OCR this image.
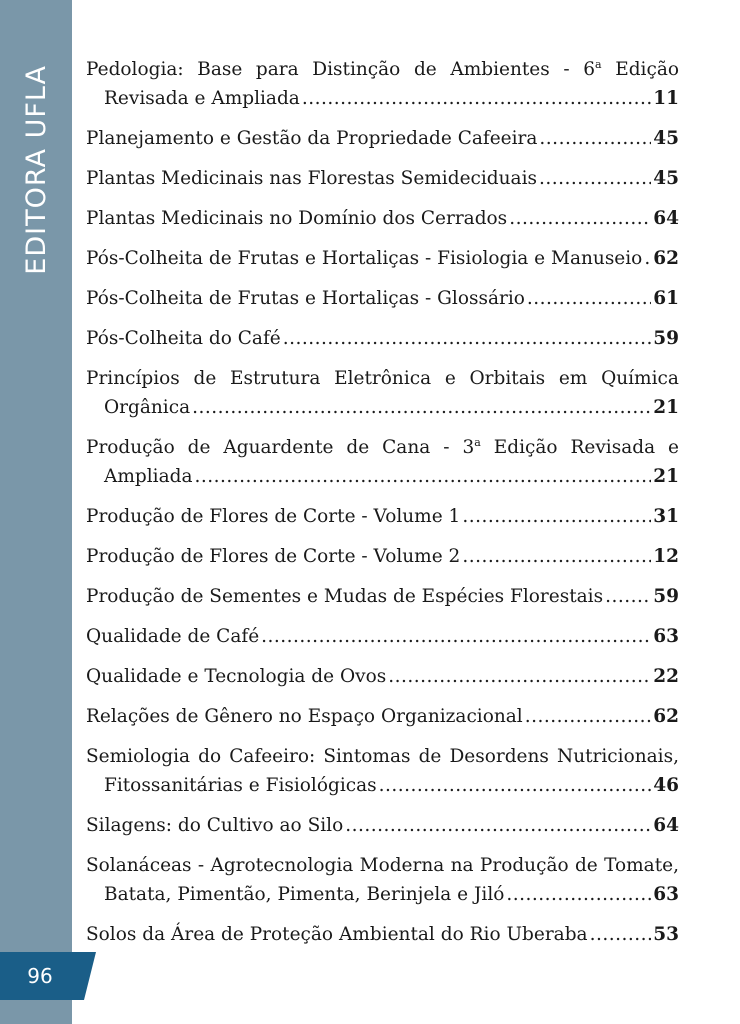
EDITORA UFLA
96
Pedologia: Base para Distinção de Ambientes - 6$^a$ Edição
Revisada e Ampliada .....	11
Planejamento e Gestão da Propriedade Cafeeira .....	45
Plantas Medicinais nas Florestas Semideciduais .....	45
Plantas Medicinais no Domínio dos Cerrados .....	64
Pós-Colheita de Frutas e Hortaliças - Fisiologia e Manuseio ..... 62
Pós-Colheita de Frutas e Hortaliças - Glossário .....	61
Pós-Colheita do Café .....	59
Princípios de Estrutura Eletrônica e Orbitais em Química
Orgânica .....	21
Produção de Aguardente de Cana - 3$^a$ Edição Revisada e
Ampliada .....	21
Produção de Flores de Corte - Volume 1 .....	31
Produção de Flores de Corte - Volume 2 .....	12
Produção de Sementes e Mudas de Espécies Florestais .....	59
Qualidade de Café .....	63
Qualidade e Tecnologia de Ovos .....	22
Relações de Gênero no Espaço Organizacional .....	62
Semiologia do Cafeeiro: Sintomas de Desordens Nutricionais,
Fitossanitárias e Fisiológicas .....	46
Silagens: do Cultivo ao Silo .....	64
Solanáceas - Agrotecnologia Moderna na Produção de Tomate,
Batata, Pimentão, Pimenta, Berinjela e Jiló .....	63
Solos da Área de Proteção Ambiental do Rio Uberaba .....	53
